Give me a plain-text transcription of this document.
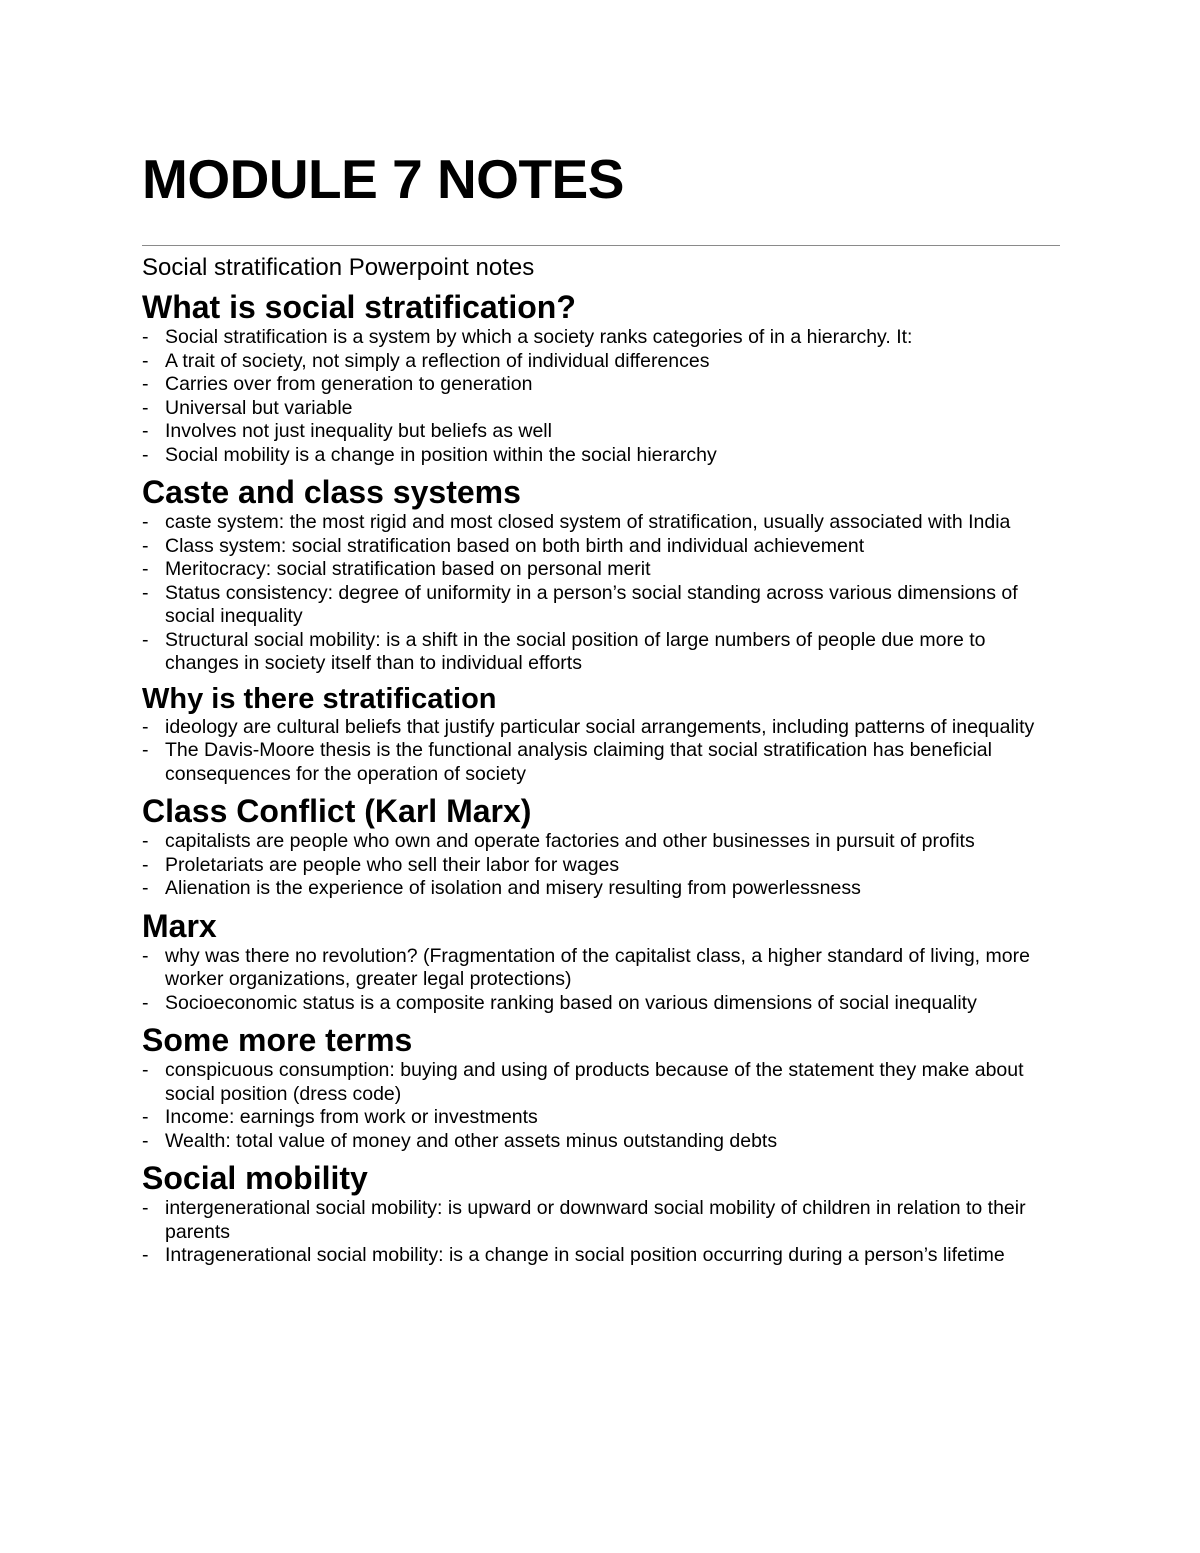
MODULE 7 NOTES

Social stratification Powerpoint notes

What is social stratification?
- Social stratification is a system by which a society ranks categories of in a hierarchy. It:
- A trait of society, not simply a reflection of individual differences
- Carries over from generation to generation
- Universal but variable
- Involves not just inequality but beliefs as well
- Social mobility is a change in position within the social hierarchy
Caste and class systems
- caste system: the most rigid and most closed system of stratification, usually associated with India
- Class system: social stratification based on both birth and individual achievement
- Meritocracy: social stratification based on personal merit
- Status consistency: degree of uniformity in a person’s social standing across various dimensions of social inequality
- Structural social mobility: is a shift in the social position of large numbers of people due more to changes in society itself than to individual efforts
Why is there stratification
- ideology are cultural beliefs that justify particular social arrangements, including patterns of inequality
- The Davis-Moore thesis is the functional analysis claiming that social stratification has beneficial consequences for the operation of society
Class Conflict (Karl Marx)
- capitalists are people who own and operate factories and other businesses in pursuit of profits
- Proletariats are people who sell their labor for wages
- Alienation is the experience of isolation and misery resulting from powerlessness
Marx
- why was there no revolution? (Fragmentation of the capitalist class, a higher standard of living, more worker organizations, greater legal protections)
- Socioeconomic status is a composite ranking based on various dimensions of social inequality
Some more terms
- conspicuous consumption: buying and using of products because of the statement they make about social position (dress code)
- Income: earnings from work or investments
- Wealth: total value of money and other assets minus outstanding debts
Social mobility
- intergenerational social mobility: is upward or downward social mobility of children in relation to their parents
- Intragenerational social mobility: is a change in social position occurring during a person’s lifetime
